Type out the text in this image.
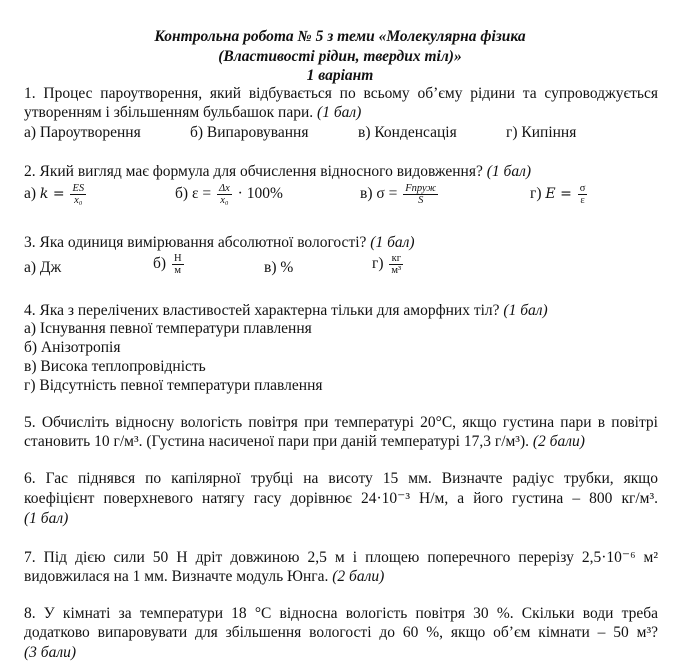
Контрольна робота № 5 з теми «Молекулярна фізика
(Властивості рідин, твердих тіл)»
1 варіант
1. Процес пароутворення, який відбувається по всьому об’єму рідини та супроводжується
утворенням і збільшенням бульбашок пари. (1 бал)
а) Пароутворення	б) Випаровування	в) Конденсація	г) Кипіння
2. Який вигляд має формула для обчислення відносного видовження? (1 бал)
а) $k = \frac{ES}{\text{x₀}}$	б) $\varepsilon = \frac{\Delta x}{\text{x₀}} \cdot 100\%$	в) $\sigma = \frac{\text{Fпруж}}{S}$	г) $E = \frac{\sigma}{\varepsilon}$
3. Яка одиниця вимірювання абсолютної вологості? (1 бал)
а) Дж	$б) \frac{Н}{м}$	в) %	$г) \frac{кг}{\text{м³}}$
4. Яка з перелічених властивостей характерна тільки для аморфних тіл? (1 бал)
а) Існування певної температури плавлення
б) Анізотропія
в) Висока теплопровідність
г) Відсутність певної температури плавлення
5. Обчисліть відносну вологість повітря при температурі 20°С, якщо густина пари в повітрі
становить 10 г/м³. (Густина насиченої пари при даній температурі 17,3 г/м³). (2 бали)
6. Гас піднявся по капілярної трубці на висоту 15 мм. Визначте радіус трубки, якщо
коефіцієнт поверхневого натягу гасу дорівнює 24·10⁻³ Н/м, а його густина – 800 кг/м³.
(1 бал)
7. Під дією сили 50 Н дріт довжиною 2,5 м і площею поперечного перерізу 2,5·10⁻⁶ м²
видовжилася на 1 мм. Визначте модуль Юнга. (2 бали)
8. У кімнаті за температури 18 °С відносна вологість повітря 30 %. Скільки води треба
додатково випаровувати для збільшення вологості до 60 %, якщо об’єм кімнати – 50 м³?
(3 бали)
